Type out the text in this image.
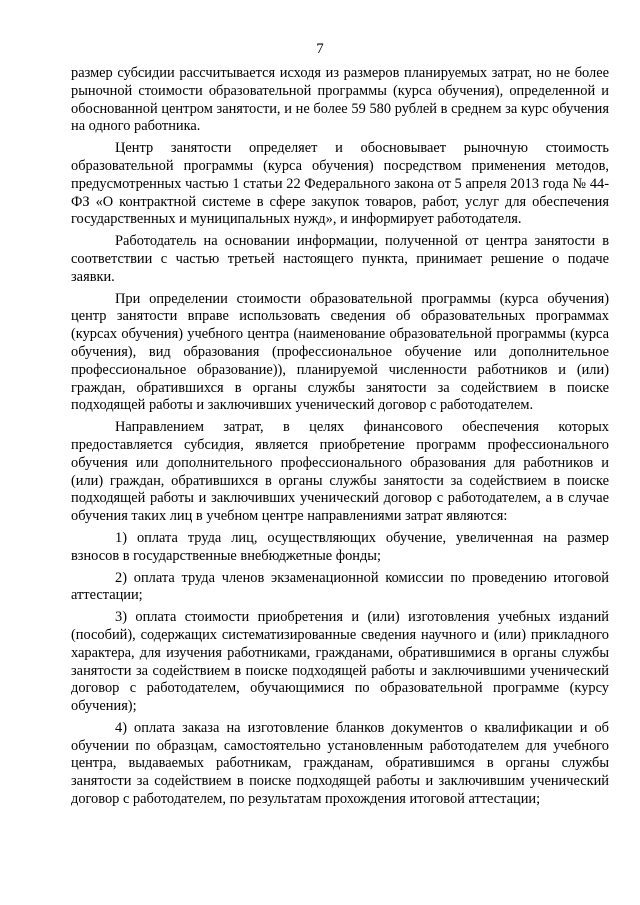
7

размер субсидии рассчитывается исходя из размеров планируемых затрат, но не более рыночной стоимости образовательной программы (курса обучения), определенной и обоснованной центром занятости, и не более 59 580 рублей в среднем за курс обучения на одного работника.

Центр занятости определяет и обосновывает рыночную стоимость образовательной программы (курса обучения) посредством применения методов, предусмотренных частью 1 статьи 22 Федерального закона от 5 апреля 2013 года № 44-ФЗ «О контрактной системе в сфере закупок товаров, работ, услуг для обеспечения государственных и муниципальных нужд», и информирует работодателя.

Работодатель на основании информации, полученной от центра занятости в соответствии с частью третьей настоящего пункта, принимает решение о подаче заявки.

При определении стоимости образовательной программы (курса обучения) центр занятости вправе использовать сведения об образовательных программах (курсах обучения) учебного центра (наименование образовательной программы (курса обучения), вид образования (профессиональное обучение или дополнительное профессиональное образование)), планируемой численности работников и (или) граждан, обратившихся в органы службы занятости за содействием в поиске подходящей работы и заключивших ученический договор с работодателем.

Направлением затрат, в целях финансового обеспечения которых предоставляется субсидия, является приобретение программ профессионального обучения или дополнительного профессионального образования для работников и (или) граждан, обратившихся в органы службы занятости за содействием в поиске подходящей работы и заключивших ученический договор с работодателем, а в случае обучения таких лиц в учебном центре направлениями затрат являются:

1) оплата труда лиц, осуществляющих обучение, увеличенная на размер взносов в государственные внебюджетные фонды;

2) оплата труда членов экзаменационной комиссии по проведению итоговой аттестации;

3) оплата стоимости приобретения и (или) изготовления учебных изданий (пособий), содержащих систематизированные сведения научного и (или) прикладного характера, для изучения работниками, гражданами, обратившимися в органы службы занятости за содействием в поиске подходящей работы и заключившими ученический договор с работодателем, обучающимися по образовательной программе (курсу обучения);

4) оплата заказа на изготовление бланков документов о квалификации и об обучении по образцам, самостоятельно установленным работодателем для учебного центра, выдаваемых работникам, гражданам, обратившимся в органы службы занятости за содействием в поиске подходящей работы и заключившим ученический договор с работодателем, по результатам прохождения итоговой аттестации;
